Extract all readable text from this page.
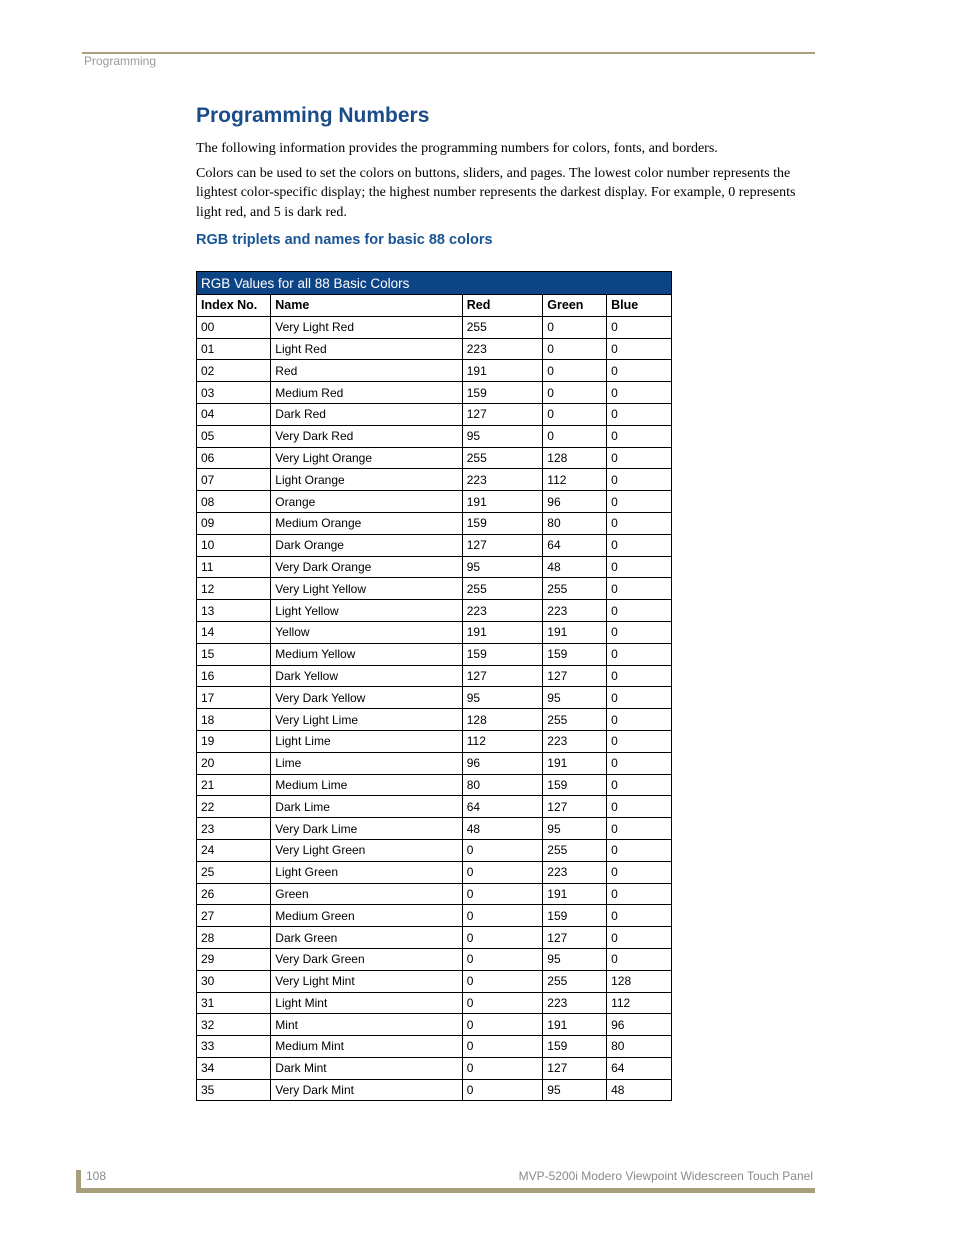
Programming
Programming Numbers

The following information provides the programming numbers for colors, fonts, and borders.

Colors can be used to set the colors on buttons, sliders, and pages. The lowest color number represents the lightest color-specific display; the highest number represents the darkest display. For example, 0 represents light red, and 5 is dark red.

RGB triplets and names for basic 88 colors
RGB Values for all 88 Basic Colors				
Index No.	Name	Red	Green	Blue
00	Very Light Red	255	0	0
01	Light Red	223	0	0
02	Red	191	0	0
03	Medium Red	159	0	0
04	Dark Red	127	0	0
05	Very Dark Red	95	0	0
06	Very Light Orange	255	128	0
07	Light Orange	223	112	0
08	Orange	191	96	0
09	Medium Orange	159	80	0
10	Dark Orange	127	64	0
11	Very Dark Orange	95	48	0
12	Very Light Yellow	255	255	0
13	Light Yellow	223	223	0
14	Yellow	191	191	0
15	Medium Yellow	159	159	0
16	Dark Yellow	127	127	0
17	Very Dark Yellow	95	95	0
18	Very Light Lime	128	255	0
19	Light Lime	112	223	0
20	Lime	96	191	0
21	Medium Lime	80	159	0
22	Dark Lime	64	127	0
23	Very Dark Lime	48	95	0
24	Very Light Green	0	255	0
25	Light Green	0	223	0
26	Green	0	191	0
27	Medium Green	0	159	0
28	Dark Green	0	127	0
29	Very Dark Green	0	95	0
30	Very Light Mint	0	255	128
31	Light Mint	0	223	112
32	Mint	0	191	96
33	Medium Mint	0	159	80
34	Dark Mint	0	127	64
35	Very Dark Mint	0	95	48
108	MVP-5200i Modero Viewpoint Widescreen Touch Panel
